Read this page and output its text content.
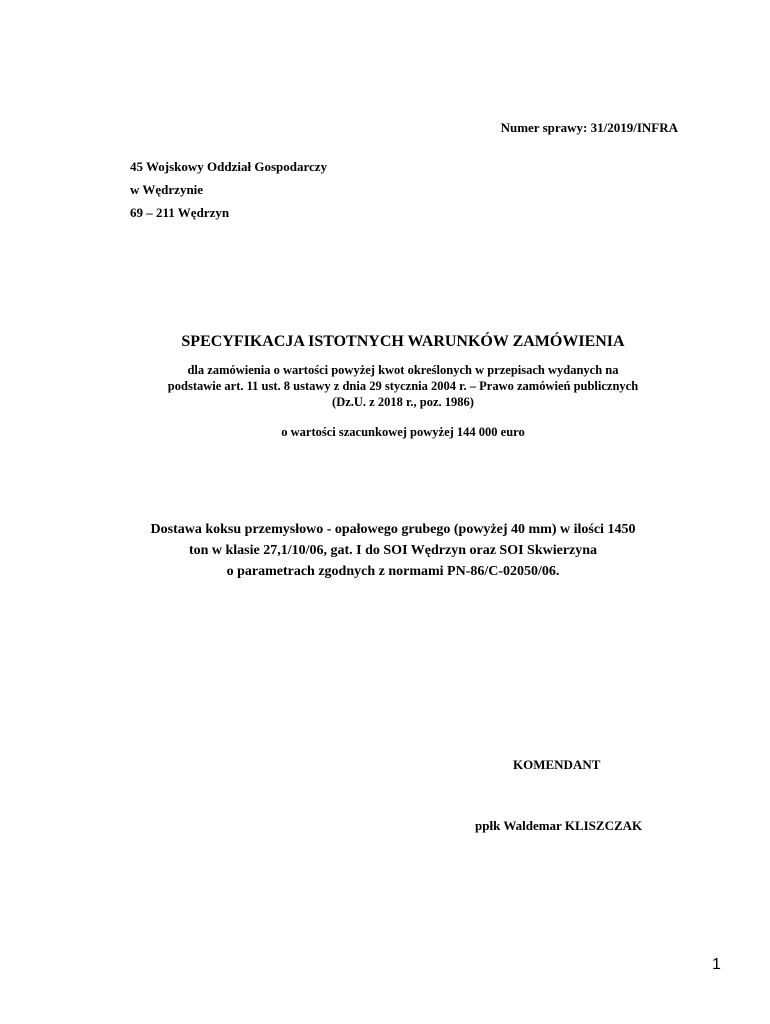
Numer sprawy: 31/2019/INFRA
45 Wojskowy Oddział Gospodarczy
w Wędrzynie
69 – 211 Wędrzyn
SPECYFIKACJA ISTOTNYCH WARUNKÓW ZAMÓWIENIA
dla zamówienia o wartości powyżej kwot określonych w przepisach wydanych na
podstawie art. 11 ust. 8 ustawy z dnia 29 stycznia 2004 r. – Prawo zamówień publicznych
(Dz.U. z 2018 r., poz. 1986)
o wartości szacunkowej powyżej 144 000 euro
Dostawa koksu przemysłowo - opałowego grubego (powyżej 40 mm) w ilości 1450
ton w klasie 27,1/10/06, gat. I do SOI Wędrzyn oraz SOI Skwierzyna
o parametrach zgodnych z normami PN-86/C-02050/06.
KOMENDANT
ppłk Waldemar KLISZCZAK
1
